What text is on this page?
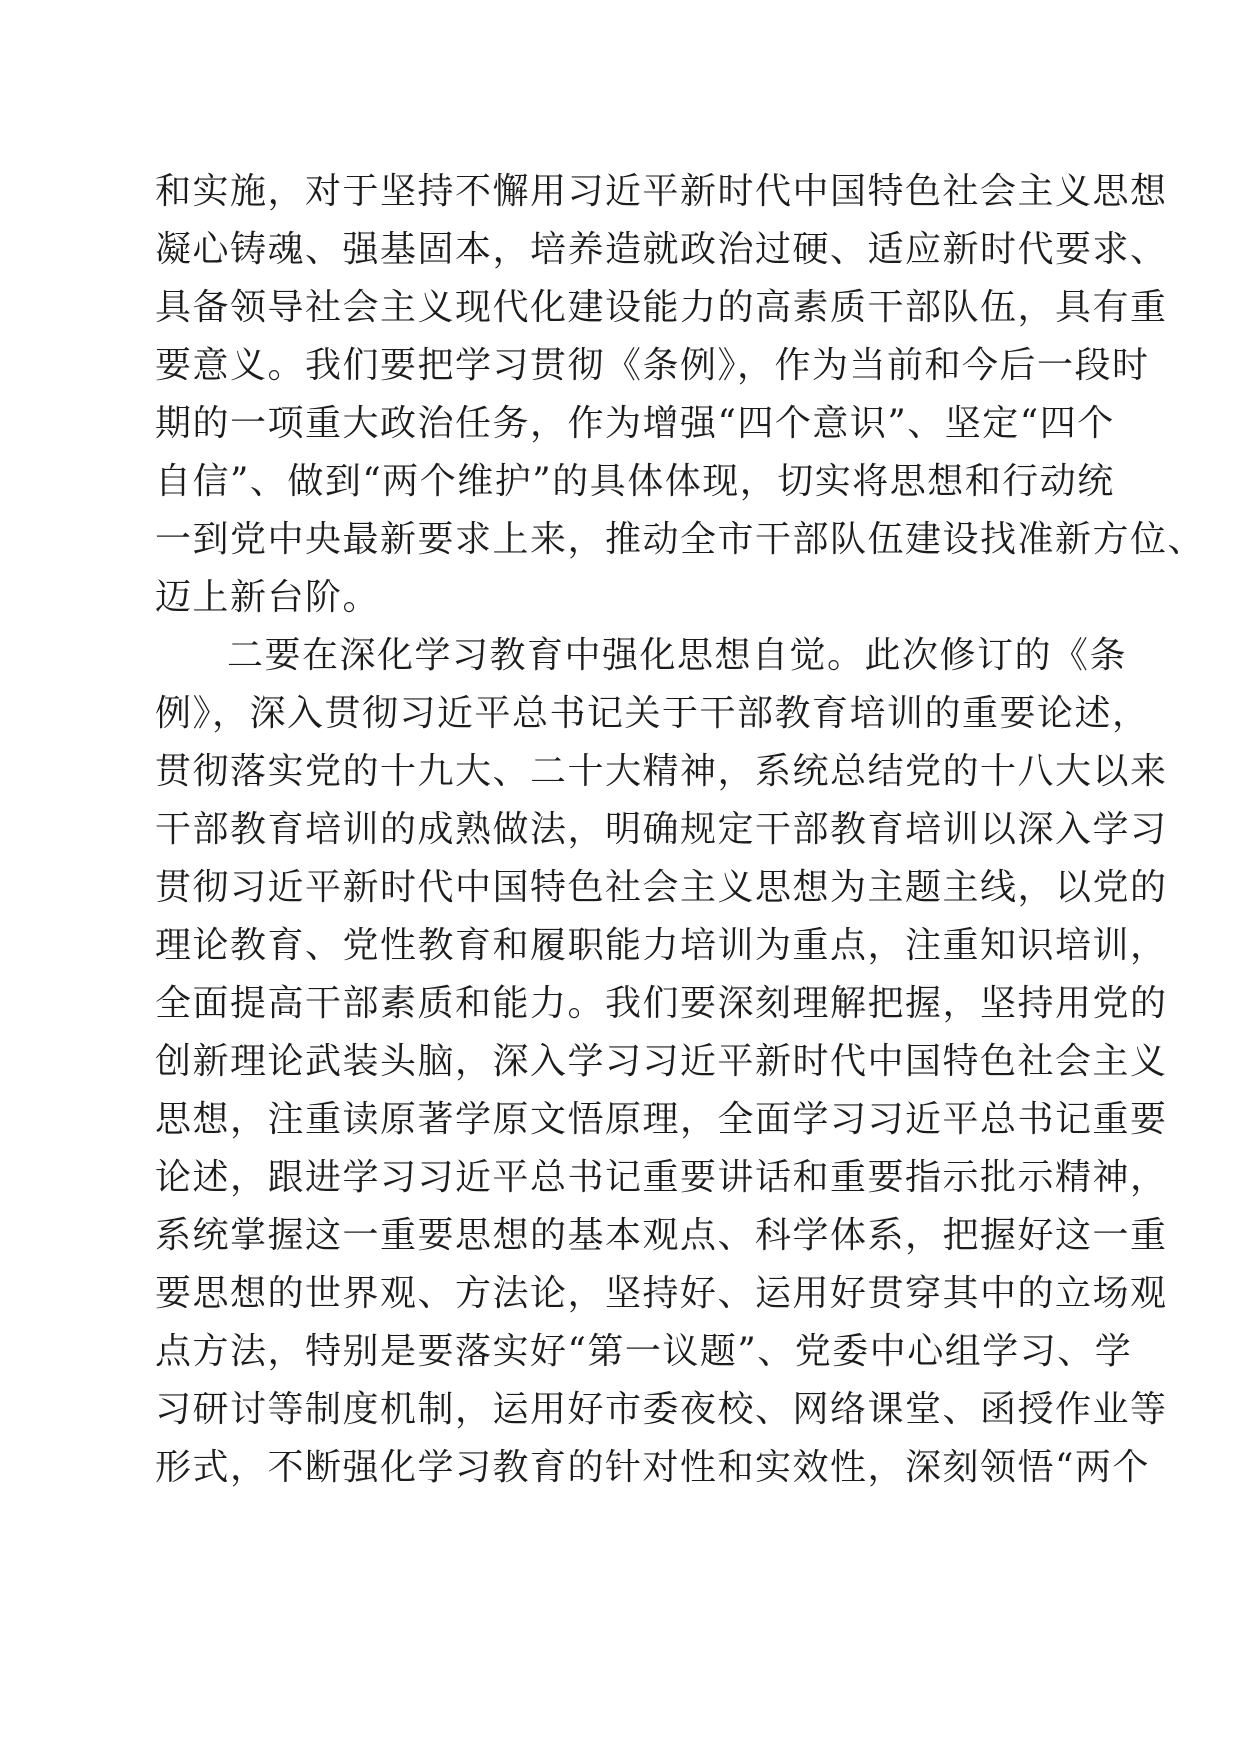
和实施，对于坚持不懈用习近平新时代中国特色社会主义思想
凝心铸魂、强基固本，培养造就政治过硬、适应新时代要求、
具备领导社会主义现代化建设能力的高素质干部队伍，具有重
要意义。我们要把学习贯彻《条例》，作为当前和今后一段时
期的一项重大政治任务，作为增强“四个意识”、坚定“四个
自信”、做到“两个维护”的具体体现，切实将思想和行动统
一到党中央最新要求上来，推动全市干部队伍建设找准新方位、
迈上新台阶。
二要在深化学习教育中强化思想自觉。此次修订的《条
例》，深入贯彻习近平总书记关于干部教育培训的重要论述，
贯彻落实党的十九大、二十大精神，系统总结党的十八大以来
干部教育培训的成熟做法，明确规定干部教育培训以深入学习
贯彻习近平新时代中国特色社会主义思想为主题主线，以党的
理论教育、党性教育和履职能力培训为重点，注重知识培训，
全面提高干部素质和能力。我们要深刻理解把握，坚持用党的
创新理论武装头脑，深入学习习近平新时代中国特色社会主义
思想，注重读原著学原文悟原理，全面学习习近平总书记重要
论述，跟进学习习近平总书记重要讲话和重要指示批示精神，
系统掌握这一重要思想的基本观点、科学体系，把握好这一重
要思想的世界观、方法论，坚持好、运用好贯穿其中的立场观
点方法，特别是要落实好“第一议题”、党委中心组学习、学
习研讨等制度机制，运用好市委夜校、网络课堂、函授作业等
形式，不断强化学习教育的针对性和实效性，深刻领悟“两个
